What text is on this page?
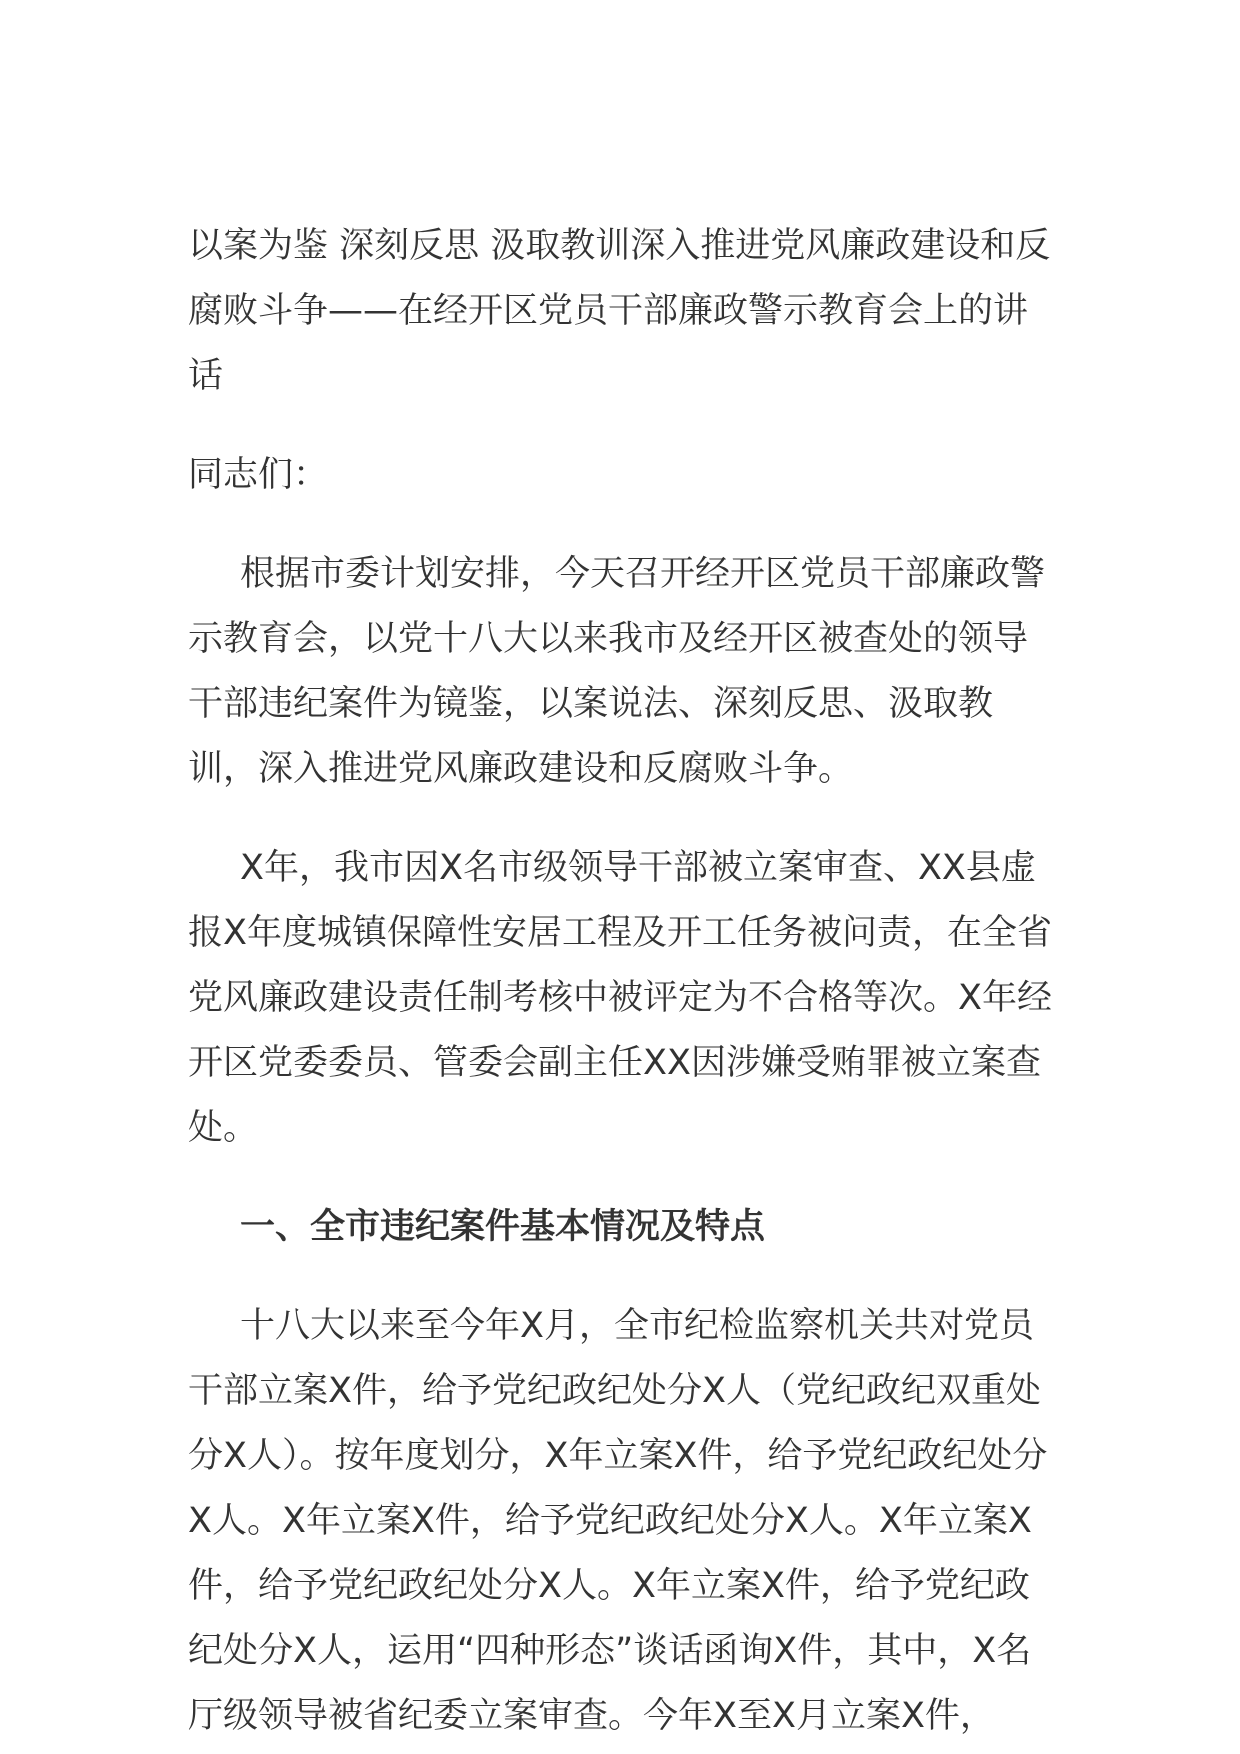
以案为鉴 深刻反思 汲取教训深入推进党风廉政建设和反腐败斗争——在经开区党员干部廉政警示教育会上的讲话

同志们：

根据市委计划安排，今天召开经开区党员干部廉政警示教育会，以党十八大以来我市及经开区被查处的领导干部违纪案件为镜鉴，以案说法、深刻反思、汲取教训，深入推进党风廉政建设和反腐败斗争。

X年，我市因X名市级领导干部被立案审查、XX县虚报X年度城镇保障性安居工程及开工任务被问责，在全省党风廉政建设责任制考核中被评定为不合格等次。X年经开区党委委员、管委会副主任XX因涉嫌受贿罪被立案查处。

一、全市违纪案件基本情况及特点

十八大以来至今年X月，全市纪检监察机关共对党员干部立案X件，给予党纪政纪处分X人（党纪政纪双重处分X人）。按年度划分，X年立案X件，给予党纪政纪处分X人。X年立案X件，给予党纪政纪处分X人。X年立案X件，给予党纪政纪处分X人。X年立案X件，给予党纪政纪处分X人，运用“四种形态”谈话函询X件，其中，X名厅级领导被省纪委立案审查。今年X至X月立案X件，
